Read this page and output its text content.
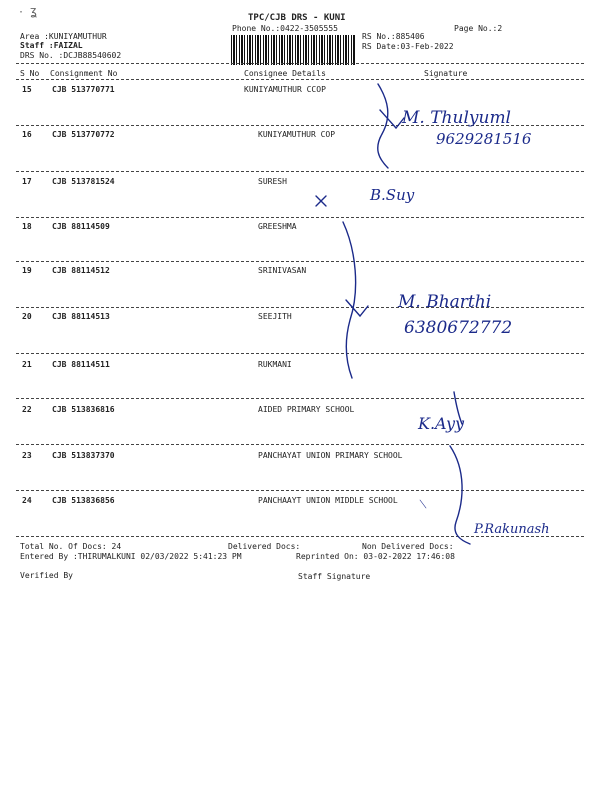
· ʓ	TPC/CJB DRS - KUNI
Phone No.:0422-3505555	Page No.:2
Area :KUNIYAMUTHUR
Staff :FAIZAL
DRS No. :DCJB88540602
RS No.:885406
RS Date:03-Feb-2022
S No Consignment No	Consignee Details	Signature
15	CJB 513770771	KUNIYAMUTHUR CCOP
16	CJB 513770772	KUNIYAMUTHUR COP
17	CJB 513781524	SURESH
18	CJB 88114509	GREESHMA
19	CJB 88114512	SRINIVASAN
20	CJB 88114513	SEEJITH
21	CJB 88114511	RUKMANI
22	CJB 513836816	AIDED PRIMARY SCHOOL
23	CJB 513837370	PANCHAYAT UNION PRIMARY SCHOOL
24	CJB 513836856	PANCHAAYT UNION MIDDLE SCHOOL
M. Thulyuml
9629281516
B.Suy
M. Bharthi
6380672772
K.Ayy
P.Rakunash
Total No. Of Docs: 24	Delivered Docs:	Non Delivered Docs:
Entered By :THIRUMALKUNI 02/03/2022 5:41:23 PM	Reprinted On: 03-02-2022 17:46:08
Verified By	Staff Signature
